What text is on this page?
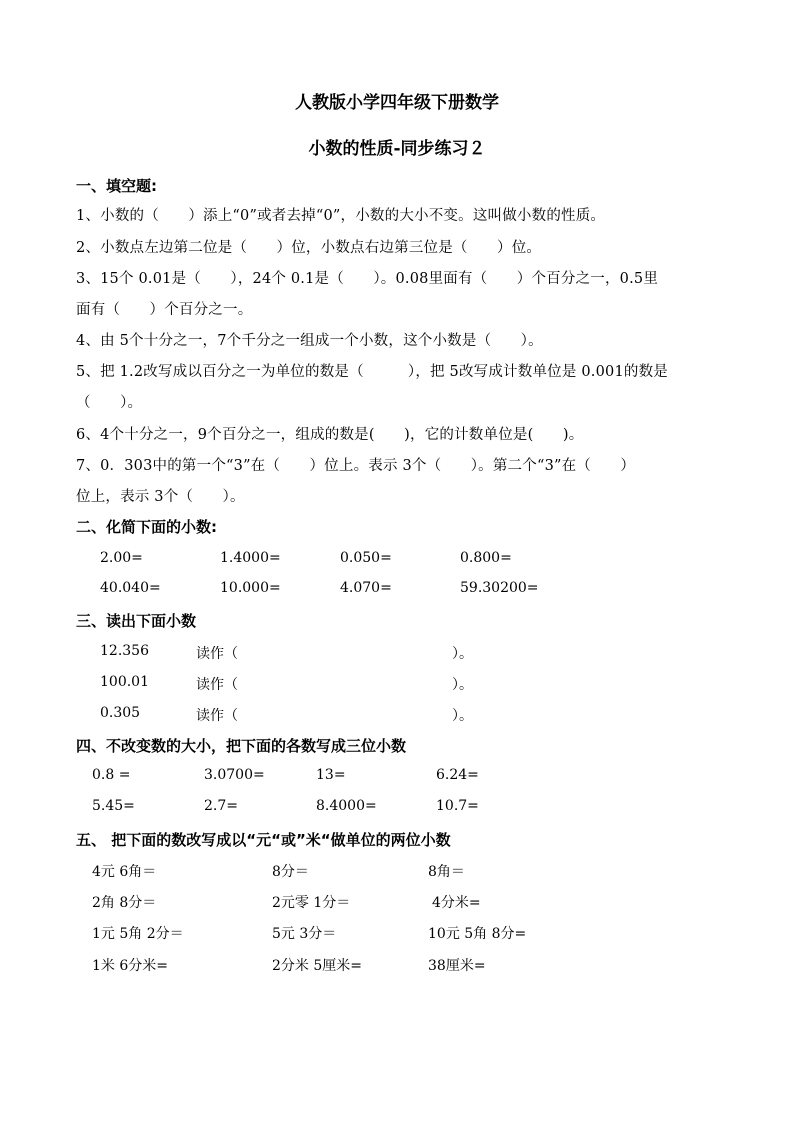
人教版小学四年级下册数学
小数的性质-同步练习２
一、填空题:
1、小数的（　　）添上“0”或者去掉“0”，小数的大小不变。这叫做小数的性质。
2、小数点左边第二位是（　　）位，小数点右边第三位是（　　）位。
3、15个 0.01是（　　），24个 0.1是（　　）。0.08里面有（　　）个百分之一，0.5里
面有（　　）个百分之一。
4、由 5个十分之一，7个千分之一组成一个小数，这个小数是（　　）。
5、把 1.2改写成以百分之一为单位的数是（　　　），把 5改写成计数单位是 0.001的数是
（　　）。
6、4个十分之一，9个百分之一，组成的数是(　　)，它的计数单位是(　　)。
7、0．303中的第一个“3”在（　　）位上。表示 3个（　　）。第二个“3”在（　　）
位上，表示 3个（　　）。
二、化简下面的小数:
2.00=	1.4000=	0.050=	0.800=
40.040=	10.000=	4.070=	59.30200=
三、读出下面小数
12.356	读作（	）。
100.01	读作（	）。
0.305	读作（	）。
四、不改变数的大小，把下面的各数写成三位小数
0.8 =	3.0700=	13=	6.24=
5.45=	2.7=	8.4000=	10.7=
五、 把下面的数改写成以“元“或”米“做单位的两位小数
4元 6角＝	8分＝	8角＝
2角 8分＝	2元零 1分＝	4分米=
1元 5角 2分＝	5元 3分＝	10元 5角 8分=
1米 6分米=	2分米 5厘米=	38厘米=
